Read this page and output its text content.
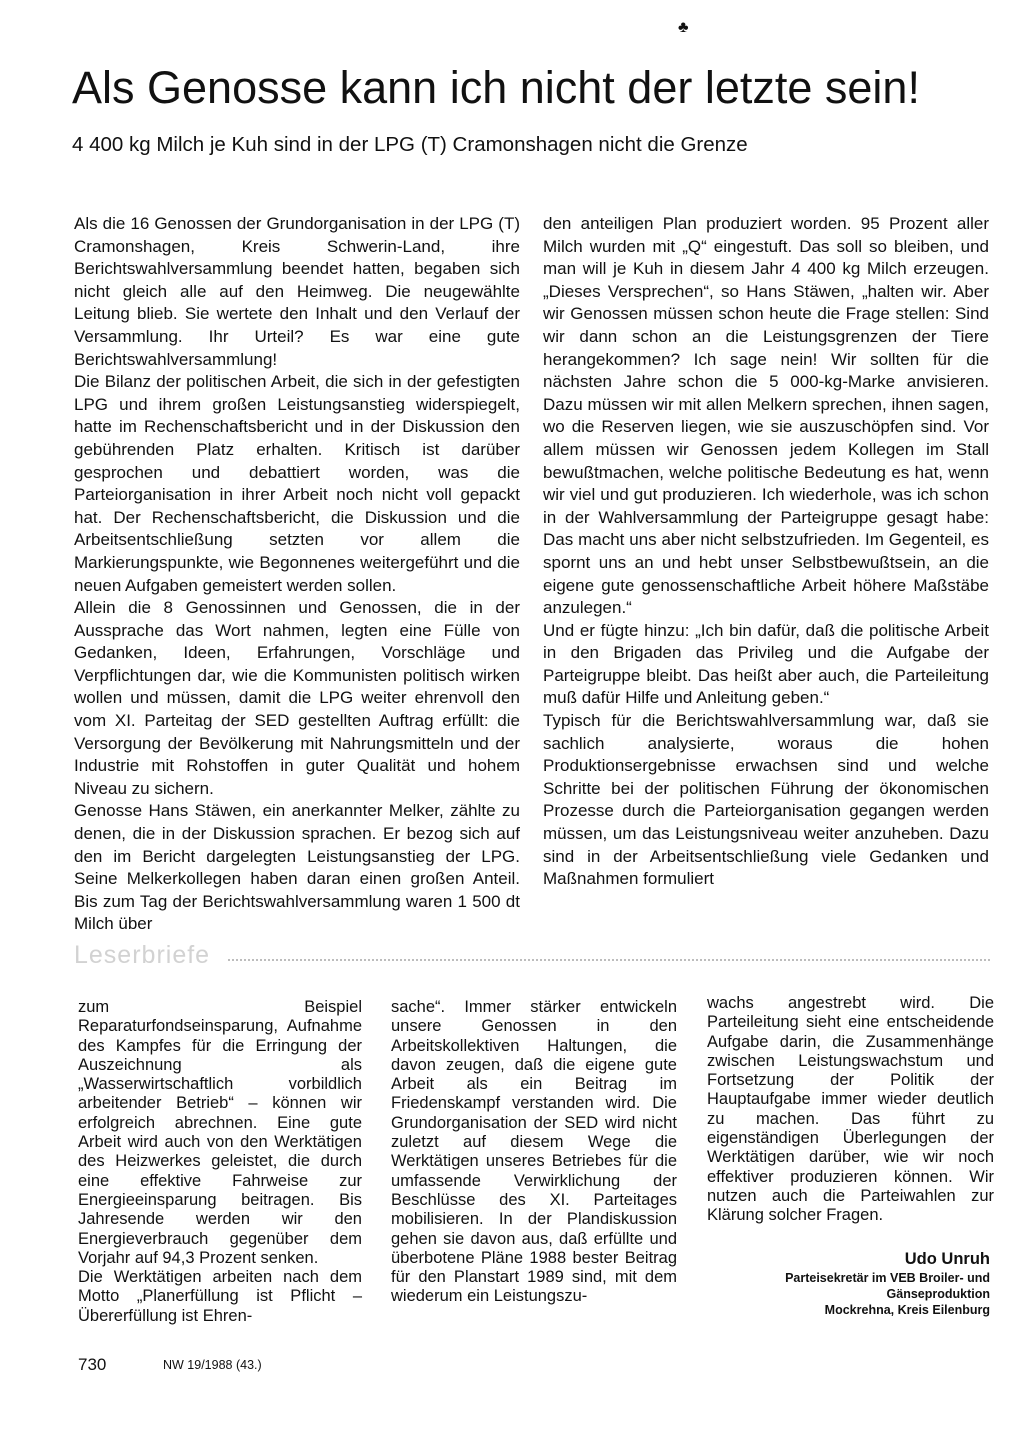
♣
Als Genosse kann ich nicht der letzte sein!
4 400 kg Milch je Kuh sind in der LPG (T) Cramonshagen nicht die Grenze

Als die 16 Genossen der Grundorganisation in der LPG (T) Cramonshagen, Kreis Schwerin-Land, ihre Berichtswahlversammlung beendet hatten, begaben sich nicht gleich alle auf den Heimweg. Die neugewählte Leitung blieb. Sie wertete den Inhalt und den Verlauf der Versammlung. Ihr Urteil? Es war eine gute Berichtswahlversammlung!

Die Bilanz der politischen Arbeit, die sich in der gefestigten LPG und ihrem großen Leistungsanstieg widerspiegelt, hatte im Rechenschaftsbericht und in der Diskussion den gebührenden Platz erhalten. Kritisch ist darüber gesprochen und debattiert worden, was die Parteiorganisation in ihrer Arbeit noch nicht voll gepackt hat. Der Rechenschaftsbericht, die Diskussion und die Arbeitsentschließung setzten vor allem die Markierungspunkte, wie Begonnenes weitergeführt und die neuen Aufgaben gemeistert werden sollen.

Allein die 8 Genossinnen und Genossen, die in der Aussprache das Wort nahmen, legten eine Fülle von Gedanken, Ideen, Erfahrungen, Vorschläge und Verpflichtungen dar, wie die Kommunisten politisch wirken wollen und müssen, damit die LPG weiter ehrenvoll den vom XI. Parteitag der SED gestellten Auftrag erfüllt: die Versorgung der Bevölkerung mit Nahrungsmitteln und der Industrie mit Rohstoffen in guter Qualität und hohem Niveau zu sichern.

Genosse Hans Stäwen, ein anerkannter Melker, zählte zu denen, die in der Diskussion sprachen. Er bezog sich auf den im Bericht dargelegten Leistungsanstieg der LPG. Seine Melkerkollegen haben daran einen großen Anteil. Bis zum Tag der Berichtswahlversammlung waren 1 500 dt Milch über

den anteiligen Plan produziert worden. 95 Prozent aller Milch wurden mit „Q“ eingestuft. Das soll so bleiben, und man will je Kuh in diesem Jahr 4 400 kg Milch erzeugen. „Dieses Versprechen“, so Hans Stäwen, „halten wir. Aber wir Genossen müssen schon heute die Frage stellen: Sind wir dann schon an die Leistungsgrenzen der Tiere herangekommen? Ich sage nein! Wir sollten für die nächsten Jahre schon die 5 000-kg-Marke anvisieren. Dazu müssen wir mit allen Melkern sprechen, ihnen sagen, wo die Reserven liegen, wie sie auszuschöpfen sind. Vor allem müssen wir Genossen jedem Kollegen im Stall bewußtmachen, welche politische Bedeutung es hat, wenn wir viel und gut produzieren. Ich wiederhole, was ich schon in der Wahlversammlung der Parteigruppe gesagt habe: Das macht uns aber nicht selbstzufrieden. Im Gegenteil, es spornt uns an und hebt unser Selbstbewußtsein, an die eigene gute genossenschaftliche Arbeit höhere Maßstäbe anzulegen.“

Und er fügte hinzu: „Ich bin dafür, daß die politische Arbeit in den Brigaden das Privileg und die Aufgabe der Parteigruppe bleibt. Das heißt aber auch, die Parteileitung muß dafür Hilfe und Anleitung geben.“

Typisch für die Berichtswahlversammlung war, daß sie sachlich analysierte, woraus die hohen Produktionsergebnisse erwachsen sind und welche Schritte bei der politischen Führung der ökonomischen Prozesse durch die Parteiorganisation gegangen werden müssen, um das Leistungsniveau weiter anzuheben. Dazu sind in der Arbeitsentschließung viele Gedanken und Maßnahmen formuliert

Leserbriefe

zum Beispiel Reparaturfondseinsparung, Aufnahme des Kampfes für die Erringung der Auszeichnung als „Wasserwirtschaftlich vorbildlich arbeitender Betrieb“ – können wir erfolgreich abrechnen. Eine gute Arbeit wird auch von den Werktätigen des Heizwerkes geleistet, die durch eine effektive Fahrweise zur Energieeinsparung beitragen. Bis Jahresende werden wir den Energieverbrauch gegenüber dem Vorjahr auf 94,3 Prozent senken.

Die Werktätigen arbeiten nach dem Motto „Planerfüllung ist Pflicht – Übererfüllung ist Ehren-

sache“. Immer stärker entwickeln unsere Genossen in den Arbeitskollektiven Haltungen, die davon zeugen, daß die eigene gute Arbeit als ein Beitrag im Friedenskampf verstanden wird. Die Grundorganisation der SED wird nicht zuletzt auf diesem Wege die Werktätigen unseres Betriebes für die umfassende Verwirklichung der Beschlüsse des XI. Parteitages mobilisieren. In der Plandiskussion gehen sie davon aus, daß erfüllte und überbotene Pläne 1988 bester Beitrag für den Planstart 1989 sind, mit dem wiederum ein Leistungszu-

wachs angestrebt wird. Die Parteileitung sieht eine entscheidende Aufgabe darin, die Zusammenhänge zwischen Leistungswachstum und Fortsetzung der Politik der Hauptaufgabe immer wieder deutlich zu machen. Das führt zu eigenständigen Überlegungen der Werktätigen darüber, wie wir noch effektiver produzieren können. Wir nutzen auch die Parteiwahlen zur Klärung solcher Fragen.

Udo Unruh
Parteisekretär im VEB Broiler- und
Gänseproduktion
Mockrehna, Kreis Eilenburg
730	NW 19/1988 (43.)
